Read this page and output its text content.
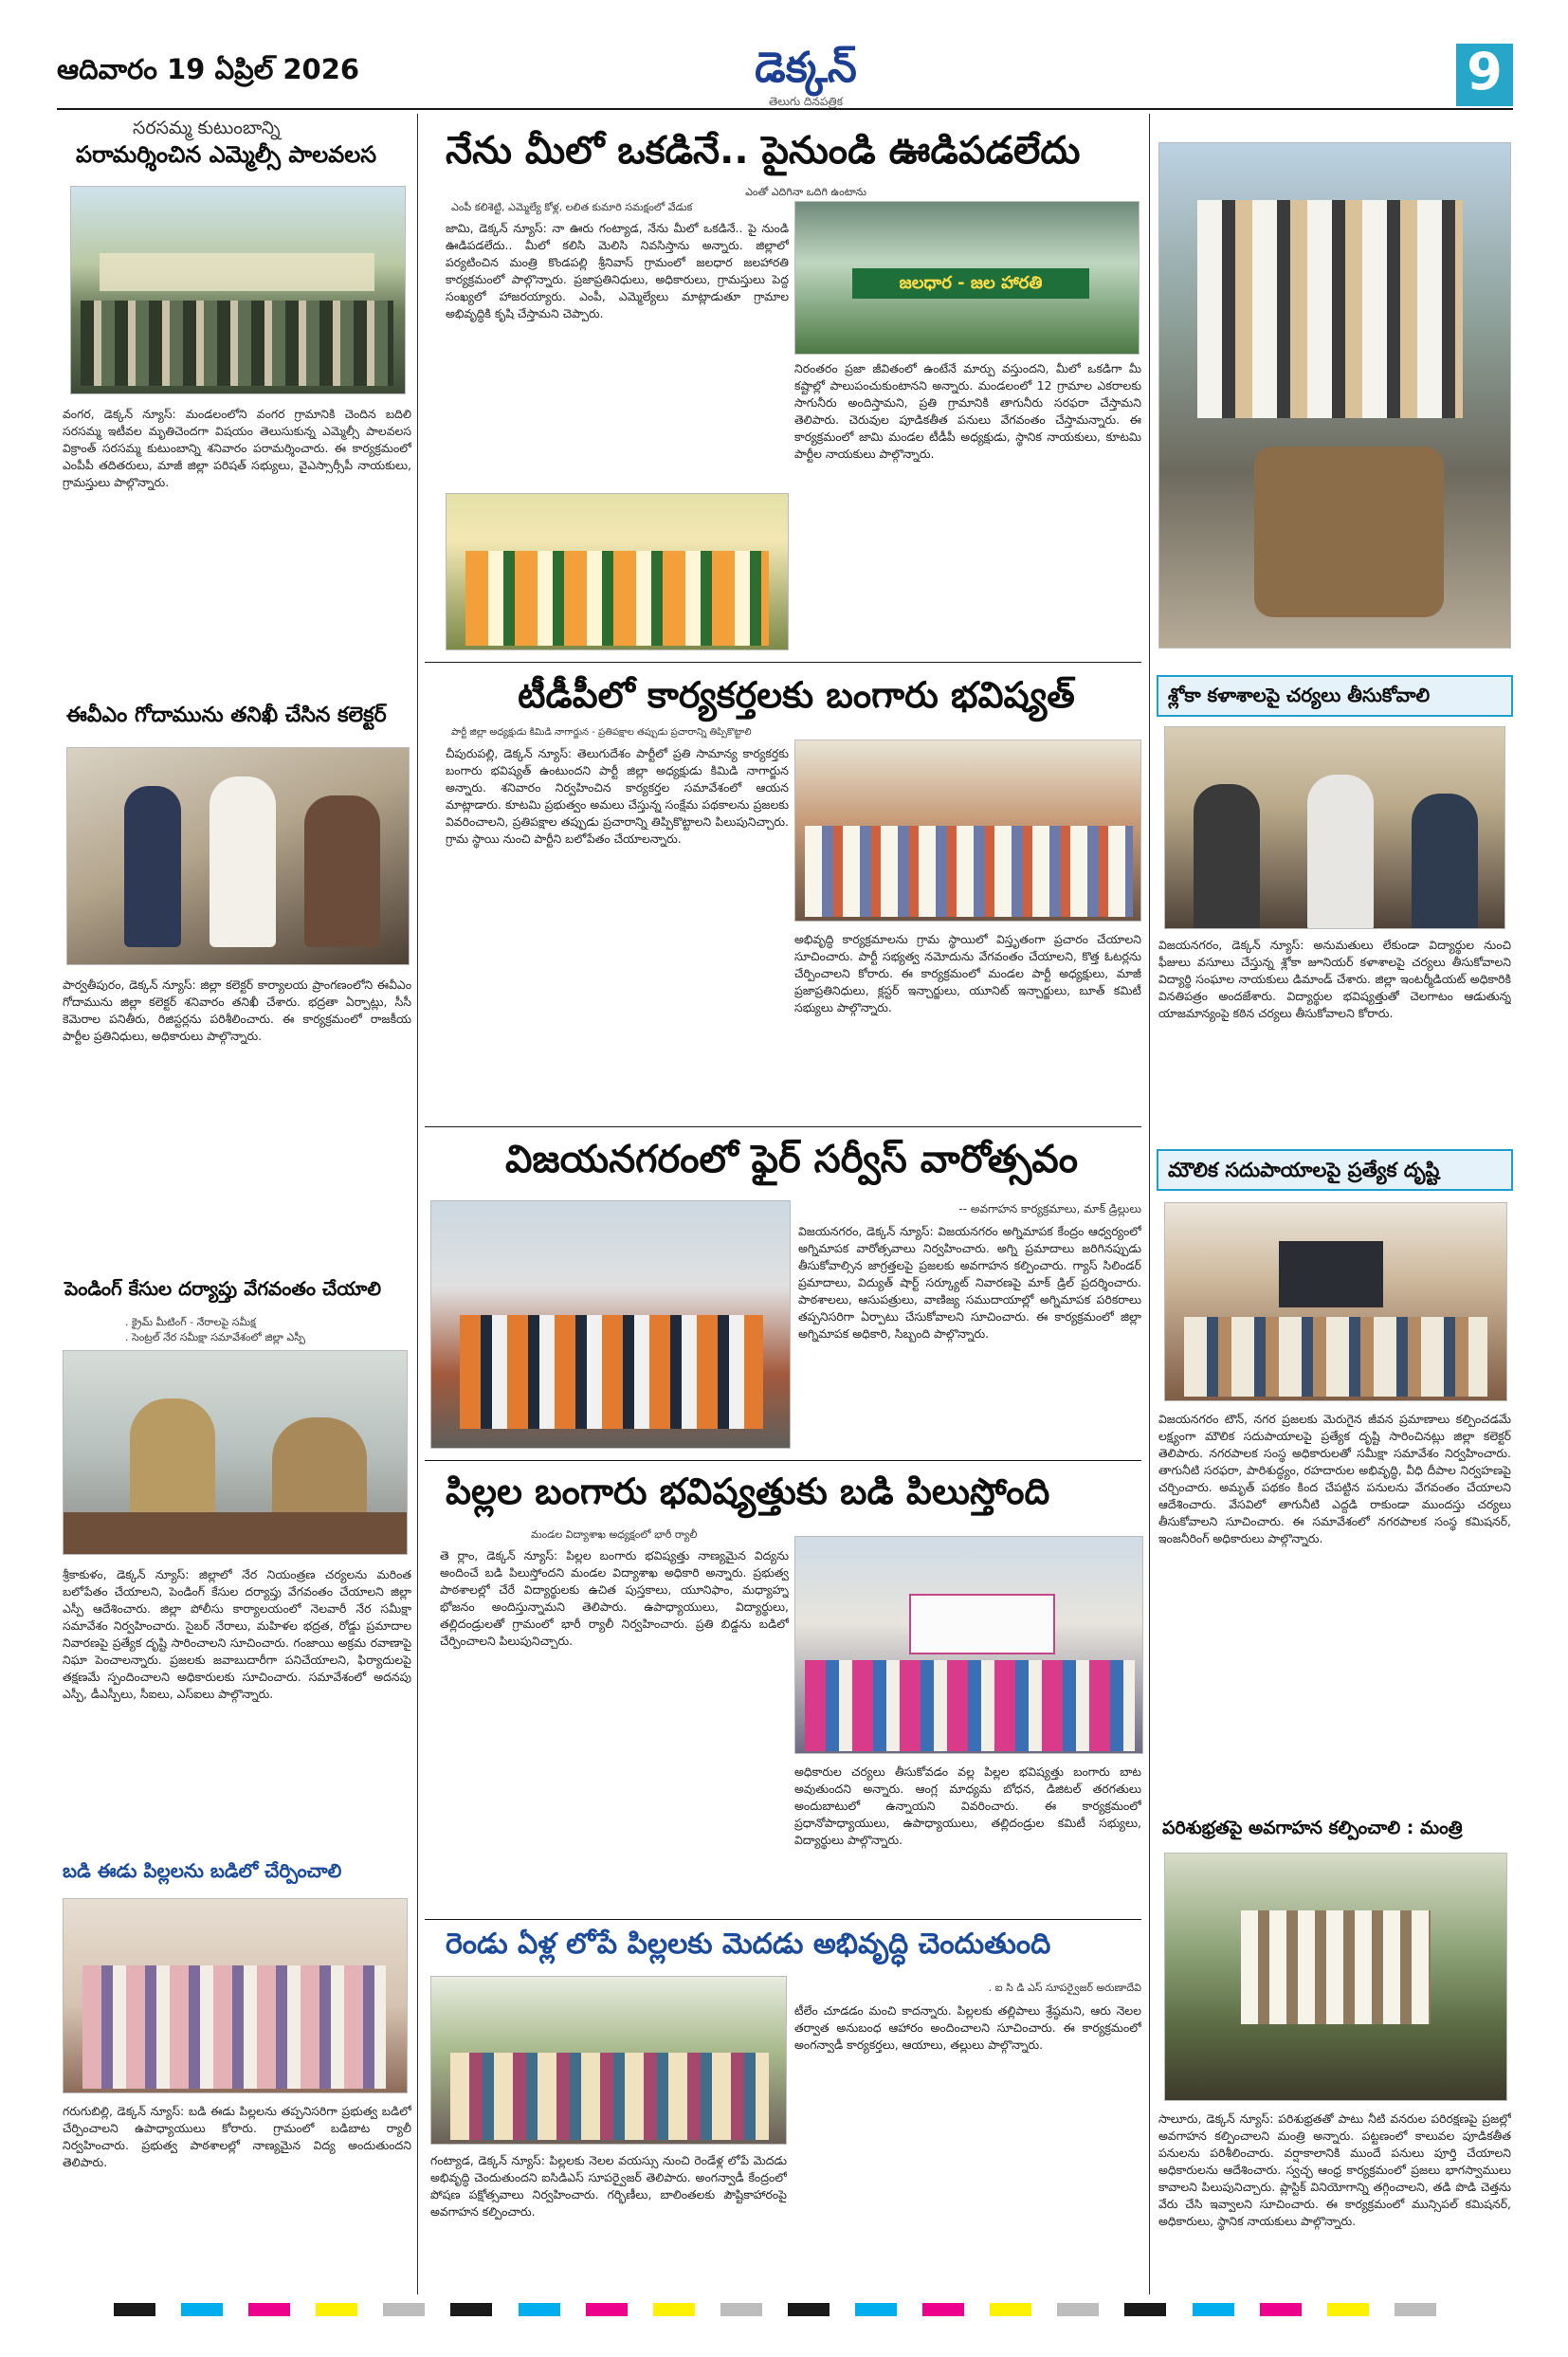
ఆదివారం 19 ఏప్రిల్ 2026	డెక్కన్
తెలుగు దినపత్రిక	9
సరసమ్మ కుటుంబాన్ని
పరామర్శించిన ఎమ్మెల్సీ పాలవలస
వంగర, డెక్కన్ న్యూస్: మండలంలోని వంగర గ్రామానికి చెందిన బదిలి సరసమ్మ ఇటీవల మృతిచెందగా విషయం తెలుసుకున్న ఎమ్మెల్సీ పాలవలస విక్రాంత్ సరసమ్మ కుటుంబాన్ని శనివారం పరామర్శించారు. ఈ కార్యక్రమంలో ఎంపీపీ తదితరులు, మాజీ జిల్లా పరిషత్ సభ్యులు, వైఎస్సార్సీపీ నాయకులు, గ్రామస్తులు పాల్గొన్నారు.
ఈవీఎం గోదామును తనిఖీ చేసిన కలెక్టర్
పార్వతీపురం, డెక్కన్ న్యూస్: జిల్లా కలెక్టర్ కార్యాలయ ప్రాంగణంలోని ఈవీఎం గోదామును జిల్లా కలెక్టర్ శనివారం తనిఖీ చేశారు. భద్రతా ఏర్పాట్లు, సీసీ కెమెరాల పనితీరు, రిజిస్టర్లను పరిశీలించారు. ఈ కార్యక్రమంలో రాజకీయ పార్టీల ప్రతినిధులు, అధికారులు పాల్గొన్నారు.
పెండింగ్ కేసుల దర్యాప్తు వేగవంతం చేయాలి
. క్రైమ్ మీటింగ్ - నేరాలపై సమీక్ష
. సెంట్రల్ నేర సమీక్షా సమావేశంలో జిల్లా ఎస్పీ
శ్రీకాకుళం, డెక్కన్ న్యూస్: జిల్లాలో నేర నియంత్రణ చర్యలను మరింత బలోపేతం చేయాలని, పెండింగ్ కేసుల దర్యాప్తు వేగవంతం చేయాలని జిల్లా ఎస్పీ ఆదేశించారు. జిల్లా పోలీసు కార్యాలయంలో నెలవారీ నేర సమీక్షా సమావేశం నిర్వహించారు. సైబర్ నేరాలు, మహిళల భద్రత, రోడ్డు ప్రమాదాల నివారణపై ప్రత్యేక దృష్టి సారించాలని సూచించారు. గంజాయి అక్రమ రవాణాపై నిఘా పెంచాలన్నారు. ప్రజలకు జవాబుదారీగా పనిచేయాలని, ఫిర్యాదులపై తక్షణమే స్పందించాలని అధికారులకు సూచించారు. సమావేశంలో అదనపు ఎస్పీ, డీఎస్పీలు, సీఐలు, ఎస్ఐలు పాల్గొన్నారు.
బడి ఈడు పిల్లలను బడిలో చేర్పించాలి
గరుగుబిల్లి, డెక్కన్ న్యూస్: బడి ఈడు పిల్లలను తప్పనిసరిగా ప్రభుత్వ బడిలో చేర్పించాలని ఉపాధ్యాయులు కోరారు. గ్రామంలో బడిబాట ర్యాలీ నిర్వహించారు. ప్రభుత్వ పాఠశాలల్లో నాణ్యమైన విద్య అందుతుందని తెలిపారు.
నేను మీలో ఒకడినే.. పైనుండి ఊడిపడలేదు
ఎంతో ఎదిగినా ఒదిగి ఉంటాను
ఎంపీ కలిశెట్టి, ఎమ్మెల్యే కోళ్ల, లలిత కుమారి సమక్షంలో వేడుక
జామి, డెక్కన్ న్యూస్: నా ఊరు గంట్యాడ, నేను మీలో ఒకడినే.. పై నుండి ఊడిపడలేదు.. మీలో కలిసి మెలిసి నివసిస్తాను అన్నారు. జిల్లాలో పర్యటించిన మంత్రి కొండపల్లి శ్రీనివాస్ గ్రామంలో జలధార జలహారతి కార్యక్రమంలో పాల్గొన్నారు. ప్రజాప్రతినిధులు, అధికారులు, గ్రామస్తులు పెద్ద సంఖ్యలో హాజరయ్యారు. ఎంపీ, ఎమ్మెల్యేలు మాట్లాడుతూ గ్రామాల అభివృద్ధికి కృషి చేస్తామని చెప్పారు.
జలధార - జల హారతి
నిరంతరం ప్రజా జీవితంలో ఉంటేనే మార్పు వస్తుందని, మీలో ఒకడిగా మీ కష్టాల్లో పాలుపంచుకుంటానని అన్నారు. మండలంలో 12 గ్రామాల ఎకరాలకు సాగునీరు అందిస్తామని, ప్రతి గ్రామానికి తాగునీరు సరఫరా చేస్తామని తెలిపారు. చెరువుల పూడికతీత పనులు వేగవంతం చేస్తామన్నారు. ఈ కార్యక్రమంలో జామి మండల టీడీపీ అధ్యక్షుడు, స్థానిక నాయకులు, కూటమి పార్టీల నాయకులు పాల్గొన్నారు.
టీడీపీలో కార్యకర్తలకు బంగారు భవిష్యత్
పార్టీ జిల్లా అధ్యక్షుడు కిమిడి నాగార్జున - ప్రతిపక్షాల తప్పుడు ప్రచారాన్ని తిప్పికొట్టాలి
చీపురుపల్లి, డెక్కన్ న్యూస్: తెలుగుదేశం పార్టీలో ప్రతి సామాన్య కార్యకర్తకు బంగారు భవిష్యత్ ఉంటుందని పార్టీ జిల్లా అధ్యక్షుడు కిమిడి నాగార్జున అన్నారు. శనివారం నిర్వహించిన కార్యకర్తల సమావేశంలో ఆయన మాట్లాడారు. కూటమి ప్రభుత్వం అమలు చేస్తున్న సంక్షేమ పథకాలను ప్రజలకు వివరించాలని, ప్రతిపక్షాల తప్పుడు ప్రచారాన్ని తిప్పికొట్టాలని పిలుపునిచ్చారు. గ్రామ స్థాయి నుంచి పార్టీని బలోపేతం చేయాలన్నారు.
అభివృద్ధి కార్యక్రమాలను గ్రామ స్థాయిలో విస్తృతంగా ప్రచారం చేయాలని సూచించారు. పార్టీ సభ్యత్వ నమోదును వేగవంతం చేయాలని, కొత్త ఓటర్లను చేర్పించాలని కోరారు. ఈ కార్యక్రమంలో మండల పార్టీ అధ్యక్షులు, మాజీ ప్రజాప్రతినిధులు, క్లస్టర్ ఇన్చార్జులు, యూనిట్ ఇన్చార్జులు, బూత్ కమిటీ సభ్యులు పాల్గొన్నారు.
విజయనగరంలో ఫైర్ సర్వీస్ వారోత్సవం
-- అవగాహన కార్యక్రమాలు, మాక్ డ్రిల్లులు
విజయనగరం, డెక్కన్ న్యూస్: విజయనగరం అగ్నిమాపక కేంద్రం ఆధ్వర్యంలో అగ్నిమాపక వారోత్సవాలు నిర్వహించారు. అగ్ని ప్రమాదాలు జరిగినప్పుడు తీసుకోవాల్సిన జాగ్రత్తలపై ప్రజలకు అవగాహన కల్పించారు. గ్యాస్ సిలిండర్ ప్రమాదాలు, విద్యుత్ షార్ట్ సర్క్యూట్ నివారణపై మాక్ డ్రిల్ ప్రదర్శించారు. పాఠశాలలు, ఆసుపత్రులు, వాణిజ్య సముదాయాల్లో అగ్నిమాపక పరికరాలు తప్పనిసరిగా ఏర్పాటు చేసుకోవాలని సూచించారు. ఈ కార్యక్రమంలో జిల్లా అగ్నిమాపక అధికారి, సిబ్బంది పాల్గొన్నారు.
పిల్లల బంగారు భవిష్యత్తుకు బడి పిలుస్తోంది
మండల విద్యాశాఖ అధ్యక్షంలో భారీ ర్యాలీ
తె ర్లాం, డెక్కన్ న్యూస్: పిల్లల బంగారు భవిష్యత్తు నాణ్యమైన విద్యను అందించే బడి పిలుస్తోందని మండల విద్యాశాఖ అధికారి అన్నారు. ప్రభుత్వ పాఠశాలల్లో చేరే విద్యార్థులకు ఉచిత పుస్తకాలు, యూనిఫాం, మధ్యాహ్న భోజనం అందిస్తున్నామని తెలిపారు. ఉపాధ్యాయులు, విద్యార్థులు, తల్లిదండ్రులతో గ్రామంలో భారీ ర్యాలీ నిర్వహించారు. ప్రతి బిడ్డను బడిలో చేర్పించాలని పిలుపునిచ్చారు.
అధికారుల చర్యలు తీసుకోవడం వల్ల పిల్లల భవిష్యత్తు బంగారు బాట అవుతుందని అన్నారు. ఆంగ్ల మాధ్యమ బోధన, డిజిటల్ తరగతులు అందుబాటులో ఉన్నాయని వివరించారు. ఈ కార్యక్రమంలో ప్రధానోపాధ్యాయులు, ఉపాధ్యాయులు, తల్లిదండ్రుల కమిటీ సభ్యులు, విద్యార్థులు పాల్గొన్నారు.
రెండు ఏళ్ల లోపే పిల్లలకు మెదడు అభివృద్ధి చెందుతుంది
. ఐ సి డి ఎస్ సూపర్వైజర్ అరుణాదేవి
టీలేం చూడడం మంచి కాదన్నారు. పిల్లలకు తల్లిపాలు శ్రేష్ఠమని, ఆరు నెలల తర్వాత అనుబంధ ఆహారం అందించాలని సూచించారు. ఈ కార్యక్రమంలో అంగన్వాడీ కార్యకర్తలు, ఆయాలు, తల్లులు పాల్గొన్నారు.
గంట్యాడ, డెక్కన్ న్యూస్: పిల్లలకు నెలల వయస్సు నుంచి రెండేళ్ల లోపే మెదడు అభివృద్ధి చెందుతుందని ఐసిడిఎస్ సూపర్వైజర్ తెలిపారు. అంగన్వాడీ కేంద్రంలో పోషణ పక్షోత్సవాలు నిర్వహించారు. గర్భిణీలు, బాలింతలకు పౌష్టికాహారంపై అవగాహన కల్పించారు.
శ్లోకా కళాశాలపై చర్యలు తీసుకోవాలి
విజయనగరం, డెక్కన్ న్యూస్: అనుమతులు లేకుండా విద్యార్థుల నుంచి ఫీజులు వసూలు చేస్తున్న శ్లోకా జూనియర్ కళాశాలపై చర్యలు తీసుకోవాలని విద్యార్థి సంఘాల నాయకులు డిమాండ్ చేశారు. జిల్లా ఇంటర్మీడియట్ అధికారికి వినతిపత్రం అందజేశారు. విద్యార్థుల భవిష్యత్తుతో చెలగాటం ఆడుతున్న యాజమాన్యంపై కఠిన చర్యలు తీసుకోవాలని కోరారు.
మౌలిక సదుపాయాలపై ప్రత్యేక దృష్టి
విజయనగరం టౌన్, నగర ప్రజలకు మెరుగైన జీవన ప్రమాణాలు కల్పించడమే లక్ష్యంగా మౌలిక సదుపాయాలపై ప్రత్యేక దృష్టి సారించినట్లు జిల్లా కలెక్టర్ తెలిపారు. నగరపాలక సంస్థ అధికారులతో సమీక్షా సమావేశం నిర్వహించారు. తాగునీటి సరఫరా, పారిశుద్ధ్యం, రహదారుల అభివృద్ధి, వీధి దీపాల నిర్వహణపై చర్చించారు. అమృత్ పథకం కింద చేపట్టిన పనులను వేగవంతం చేయాలని ఆదేశించారు. వేసవిలో తాగునీటి ఎద్దడి రాకుండా ముందస్తు చర్యలు తీసుకోవాలని సూచించారు. ఈ సమావేశంలో నగరపాలక సంస్థ కమిషనర్, ఇంజనీరింగ్ అధికారులు పాల్గొన్నారు.
పరిశుభ్రతపై అవగాహన కల్పించాలి : మంత్రి
సాలూరు, డెక్కన్ న్యూస్: పరిశుభ్రతతో పాటు నీటి వనరుల పరిరక్షణపై ప్రజల్లో అవగాహన కల్పించాలని మంత్రి అన్నారు. పట్టణంలో కాలువల పూడికతీత పనులను పరిశీలించారు. వర్షాకాలానికి ముందే పనులు పూర్తి చేయాలని అధికారులను ఆదేశించారు. స్వచ్ఛ ఆంధ్ర కార్యక్రమంలో ప్రజలు భాగస్వాములు కావాలని పిలుపునిచ్చారు. ప్లాస్టిక్ వినియోగాన్ని తగ్గించాలని, తడి పొడి చెత్తను వేరు చేసి ఇవ్వాలని సూచించారు. ఈ కార్యక్రమంలో మున్సిపల్ కమిషనర్, అధికారులు, స్థానిక నాయకులు పాల్గొన్నారు.
